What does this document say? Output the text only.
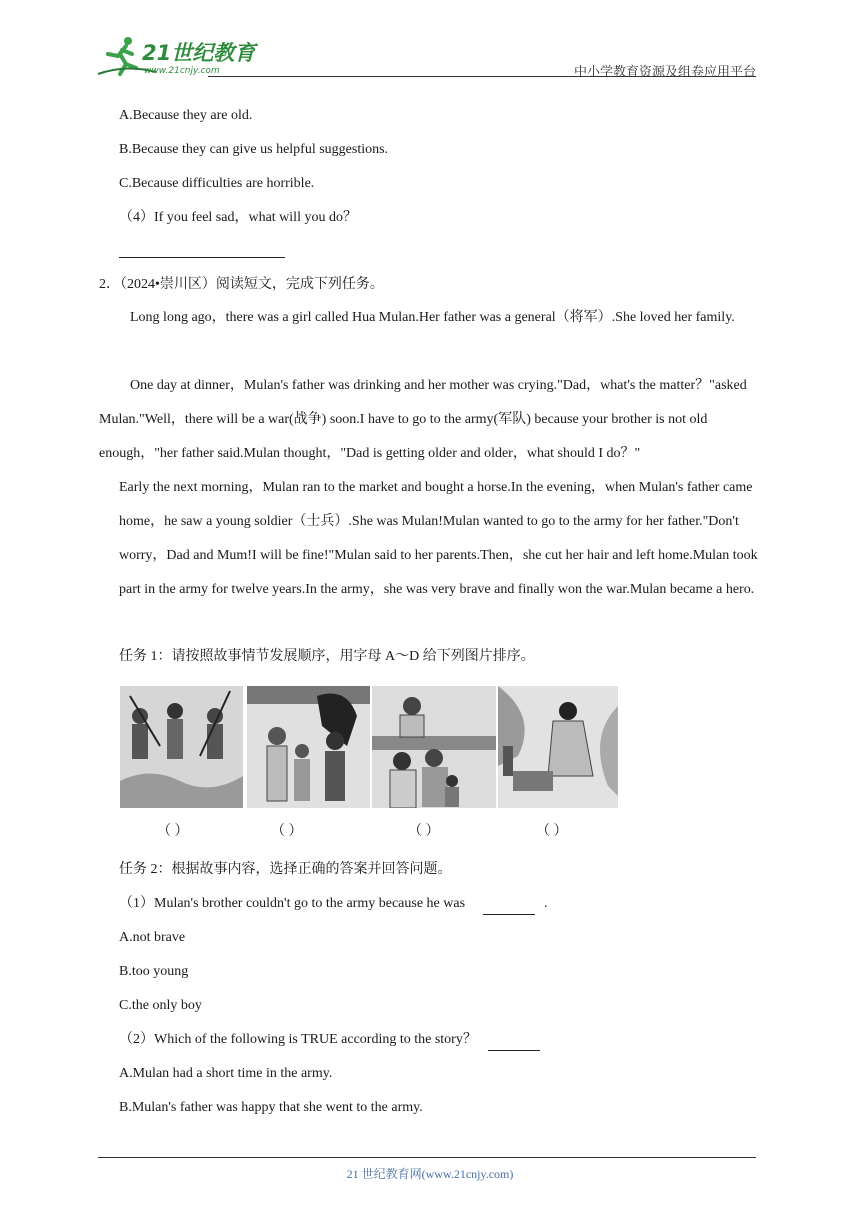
21世纪教育
www.21cnjy.com	中小学教育资源及组卷应用平台
A.Because they are old.
B.Because they can give us helpful suggestions.
C.Because difficulties are horrible.
（4）If you feel sad，what will you do？
2．（2024•崇川区）阅读短文，完成下列任务。
Long long ago，there was a girl called Hua Mulan.Her father was a general（将军）.She loved her family.
One day at dinner，Mulan's father was drinking and her mother was crying."Dad，what's the matter？"asked Mulan."Well，there will be a war(战争) soon.I have to go to the army(军队) because your brother is not old enough，"her father said.Mulan thought，"Dad is getting older and older，what should I do？"
Early the next morning，Mulan ran to the market and bought a horse.In the evening，when Mulan's father came home，he saw a young soldier（士兵）.She was Mulan!Mulan wanted to go to the army for her father."Don't worry，Dad and Mum!I will be fine!"Mulan said to her parents.Then，she cut her hair and left home.Mulan took part in the army for twelve years.In the army，she was very brave and finally won the war.Mulan became a hero.
任务 1：请按照故事情节发展顺序，用字母 A～D 给下列图片排序。
（ ）	（ ）	（ ）	（ ）
任务 2：根据故事内容，选择正确的答案并回答问题。
（1）Mulan's brother couldn't go to the army because he was	.
A.not brave
B.too young
C.the only boy
（2）Which of the following is TRUE according to the story？
A.Mulan had a short time in the army.
B.Mulan's father was happy that she went to the army.
21 世纪教育网(www.21cnjy.com)
